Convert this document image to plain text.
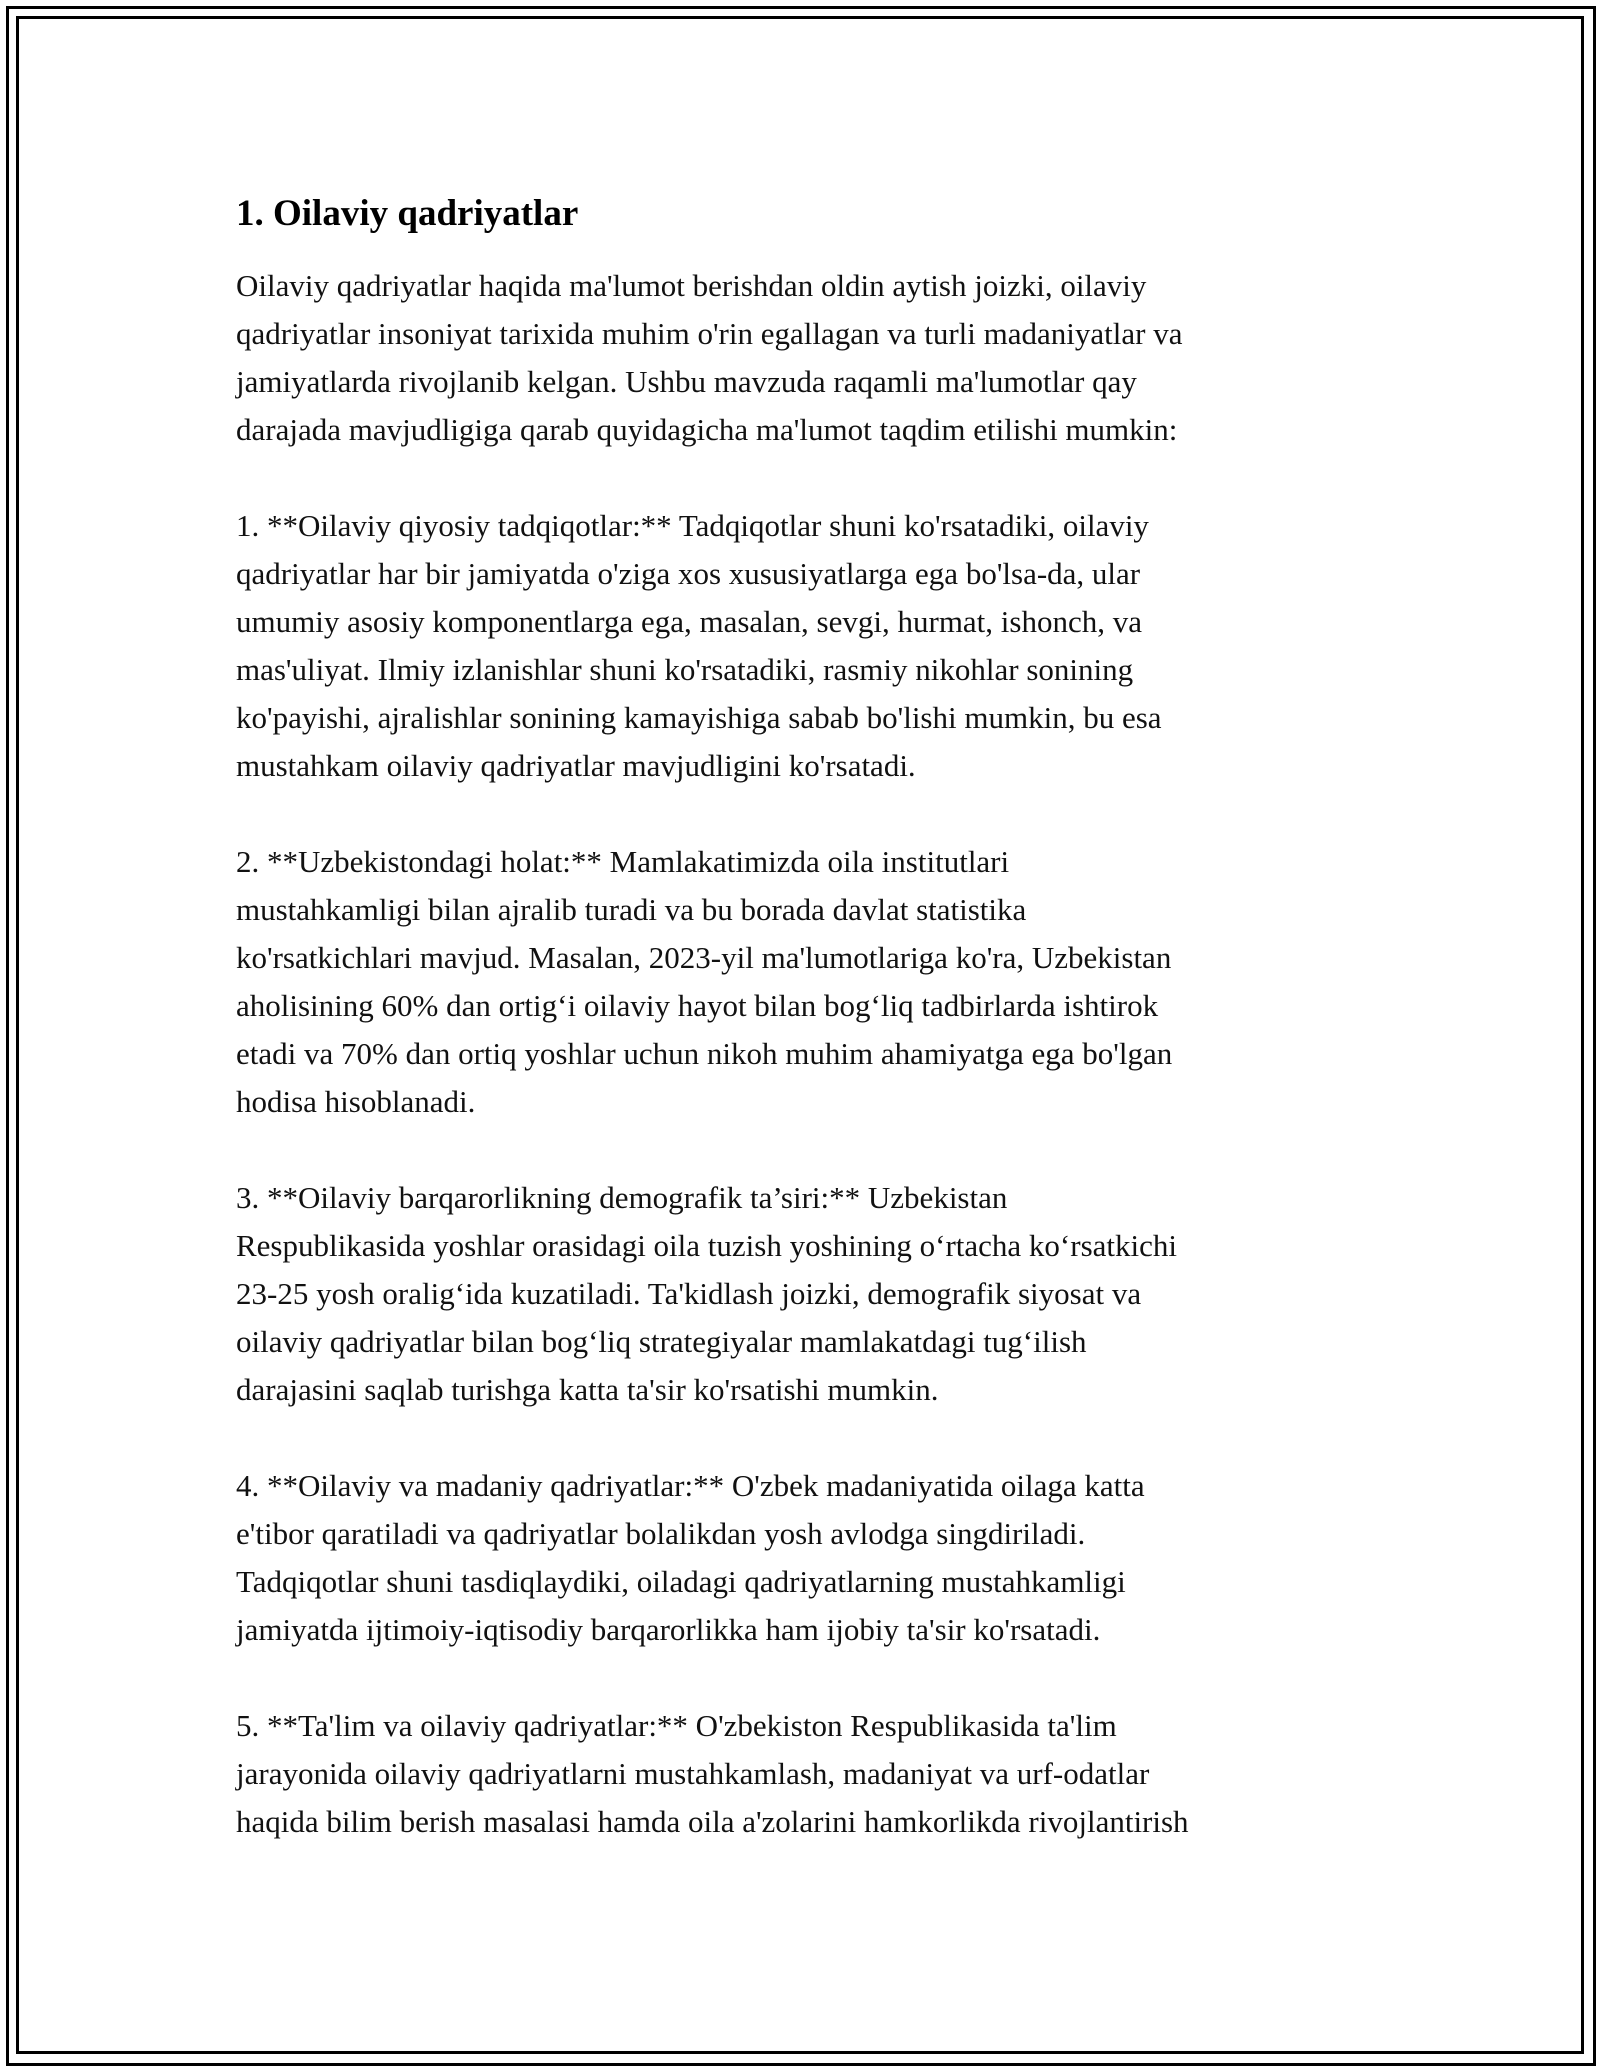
1. Oilaviy qadriyatlar

Oilaviy qadriyatlar haqida ma'lumot berishdan oldin aytish joizki, oilaviy
qadriyatlar insoniyat tarixida muhim o'rin egallagan va turli madaniyatlar va
jamiyatlarda rivojlanib kelgan. Ushbu mavzuda raqamli ma'lumotlar qay
darajada mavjudligiga qarab quyidagicha ma'lumot taqdim etilishi mumkin:

1. **Oilaviy qiyosiy tadqiqotlar:** Tadqiqotlar shuni ko'rsatadiki, oilaviy
qadriyatlar har bir jamiyatda o'ziga xos xususiyatlarga ega bo'lsa-da, ular
umumiy asosiy komponentlarga ega, masalan, sevgi, hurmat, ishonch, va
mas'uliyat. Ilmiy izlanishlar shuni ko'rsatadiki, rasmiy nikohlar sonining
ko'payishi, ajralishlar sonining kamayishiga sabab bo'lishi mumkin, bu esa
mustahkam oilaviy qadriyatlar mavjudligini ko'rsatadi.

2. **Uzbekistondagi holat:** Mamlakatimizda oila institutlari
mustahkamligi bilan ajralib turadi va bu borada davlat statistika
ko'rsatkichlari mavjud. Masalan, 2023-yil ma'lumotlariga ko'ra, Uzbekistan
aholisining 60% dan ortig‘i oilaviy hayot bilan bog‘liq tadbirlarda ishtirok
etadi va 70% dan ortiq yoshlar uchun nikoh muhim ahamiyatga ega bo'lgan
hodisa hisoblanadi.

3. **Oilaviy barqarorlikning demografik ta’siri:** Uzbekistan
Respublikasida yoshlar orasidagi oila tuzish yoshining o‘rtacha ko‘rsatkichi
23-25 yosh oralig‘ida kuzatiladi. Ta'kidlash joizki, demografik siyosat va
oilaviy qadriyatlar bilan bog‘liq strategiyalar mamlakatdagi tug‘ilish
darajasini saqlab turishga katta ta'sir ko'rsatishi mumkin.

4. **Oilaviy va madaniy qadriyatlar:** O'zbek madaniyatida oilaga katta
e'tibor qaratiladi va qadriyatlar bolalikdan yosh avlodga singdiriladi.
Tadqiqotlar shuni tasdiqlaydiki, oiladagi qadriyatlarning mustahkamligi
jamiyatda ijtimoiy-iqtisodiy barqarorlikka ham ijobiy ta'sir ko'rsatadi.

5. **Ta'lim va oilaviy qadriyatlar:** O'zbekiston Respublikasida ta'lim
jarayonida oilaviy qadriyatlarni mustahkamlash, madaniyat va urf-odatlar
haqida bilim berish masalasi hamda oila a'zolarini hamkorlikda rivojlantirish
